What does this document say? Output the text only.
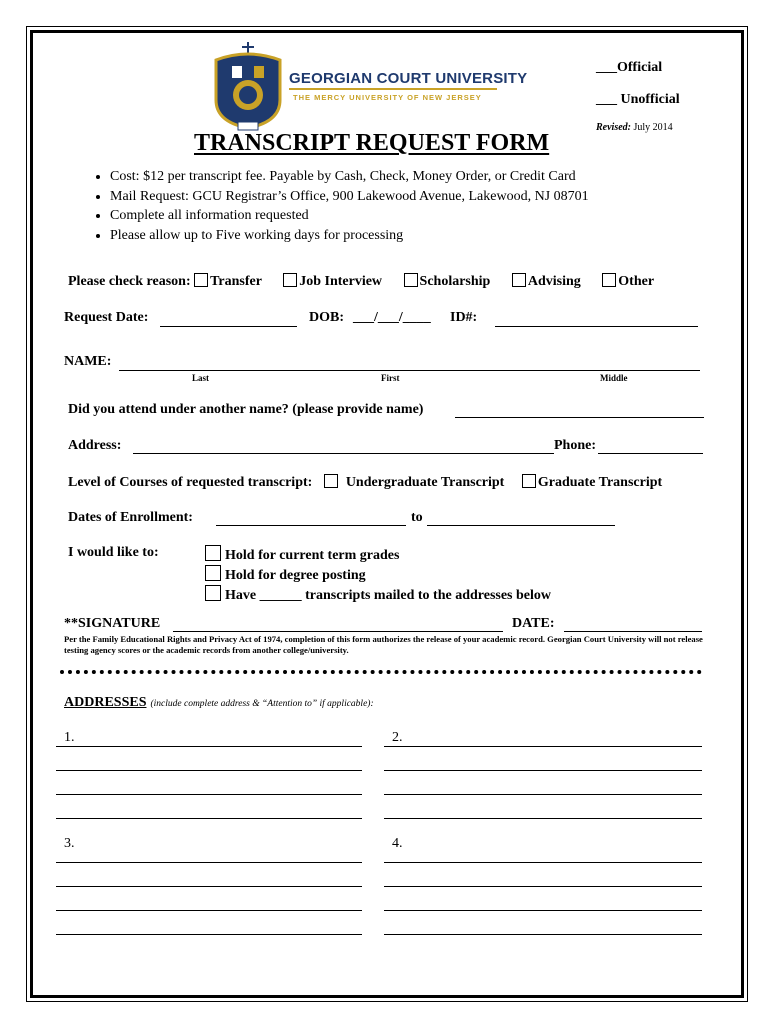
GEORGIAN COURT UNIVERSITY
THE MERCY UNIVERSITY OF NEW JERSEY
___Official
___ Unofficial
Revised: July 2014
TRANSCRIPT REQUEST FORM
• Cost: $12 per transcript fee. Payable by Cash, Check, Money Order, or Credit Card
• Mail Request: GCU Registrar’s Office, 900 Lakewood Avenue, Lakewood, NJ 08701
• Complete all information requested
• Please allow up to Five working days for processing
Please check reason: Transfer	Job Interview	Scholarship	Advising	Other
Request Date:	DOB: ___/___/____ ID#:
NAME:
Last	First	Middle
Did you attend under another name? (please provide name)
Address:	Phone:
Level of Courses of requested transcript: Undergraduate Transcript Graduate Transcript
Dates of Enrollment:	to
I would like to:	Hold for current term grades
Hold for degree posting
Have ______ transcripts mailed to the addresses below
**SIGNATURE	DATE:
Per the Family Educational Rights and Privacy Act of 1974, completion of this form authorizes the release of your academic record. Georgian Court University will not release testing agency scores or the academic records from another college/university.
ADDRESSES (include complete address & “Attention to” if applicable):
1.	2.
3.	4.
